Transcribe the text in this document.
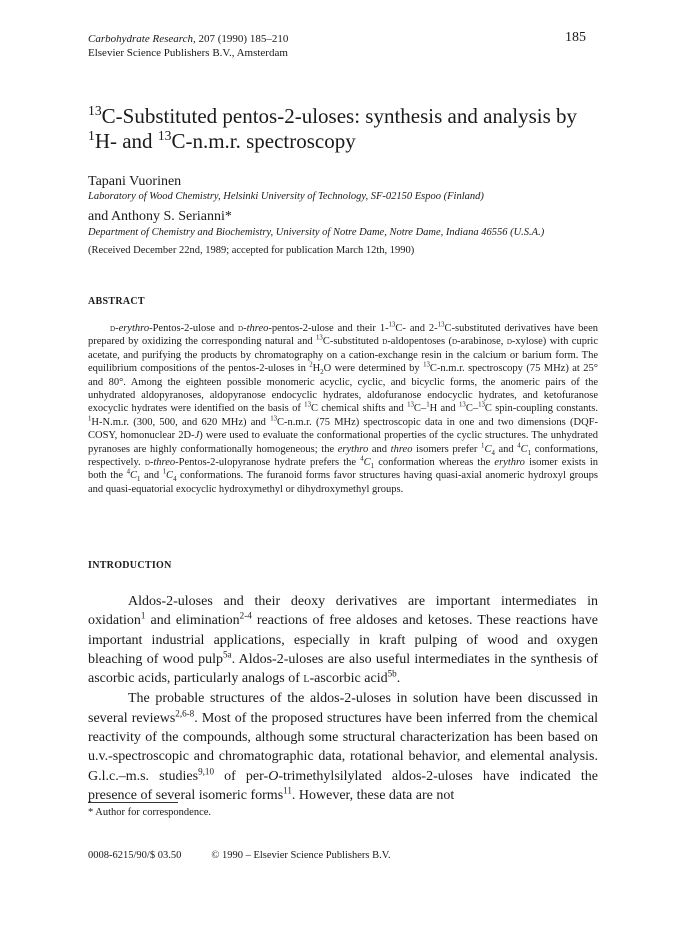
Carbohydrate Research, 207 (1990) 185–210
Elsevier Science Publishers B.V., Amsterdam
185
$^{13}$C-Substituted pentos-2-uloses: synthesis and analysis by
$^1$H- and $^{13}$C-n.m.r. spectroscopy
Tapani Vuorinen
Laboratory of Wood Chemistry, Helsinki University of Technology, SF-02150 Espoo (Finland)
and Anthony S. Serianni*
Department of Chemistry and Biochemistry, University of Notre Dame, Notre Dame, Indiana 46556 (U.S.A.)
(Received December 22nd, 1989; accepted for publication March 12th, 1990)
ABSTRACT
d-erythro-Pentos-2-ulose and d-threo-pentos-2-ulose and their 1-$^{13}$C- and 2-$^{13}$C-substituted derivatives have been prepared by oxidizing the corresponding natural and $^{13}$C-substituted d-aldopentoses (d-arabinose, d-xylose) with cupric acetate, and purifying the products by chromatography on a cation-exchange resin in the calcium or barium form. The equilibrium compositions of the pentos-2-uloses in $^2H_2O$ were determined by $^{13}$C-n.m.r. spectroscopy (75 MHz) at 25° and 80°. Among the eighteen possible monomeric acyclic, cyclic, and bicyclic forms, the anomeric pairs of the unhydrated aldopyranoses, aldopyranose endocyclic hydrates, aldofuranose endocyclic hydrates, and ketofuranose exocyclic hydrates were identified on the basis of $^{13}$C chemical shifts and $^{13}$C–$^1$H and $^{13}$C–$^{13}$C spin-coupling constants. $^1$H-N.m.r. (300, 500, and 620 MHz) and $^{13}$C-n.m.r. (75 MHz) spectroscopic data in one and two dimensions (DQF-COSY, homonuclear 2D-J) were used to evaluate the conformational properties of the cyclic structures. The unhydrated pyranoses are highly conformationally homogeneous; the erythro and threo isomers prefer $^1C_4$ and $^4C_1$ conformations, respectively. d-threo-Pentos-2-ulopyranose hydrate prefers the $^4C_1$ conformation whereas the erythro isomer exists in both the $^4C_1$ and $^1C_4$ conformations. The furanoid forms favor structures having quasi-axial anomeric hydroxyl groups and quasi-equatorial exocyclic hydroxymethyl or dihydroxymethyl groups.
INTRODUCTION

Aldos-2-uloses and their deoxy derivatives are important intermediates in oxidation$^1$ and elimination$^{2-4}$ reactions of free aldoses and ketoses. These reactions have important industrial applications, especially in kraft pulping of wood and oxygen bleaching of wood pulp$^{5a}$. Aldos-2-uloses are also useful intermediates in the synthesis of ascorbic acids, particularly analogs of l-ascorbic acid$^{5b}$.

The probable structures of the aldos-2-uloses in solution have been discussed in several reviews$^{2,6-8}$. Most of the proposed structures have been inferred from the chemical reactivity of the compounds, although some structural characterization has been based on u.v.-spectroscopic and chromatographic data, rotational behavior, and elemental analysis. G.l.c.–m.s. studies$^{9,10}$ of per-O-trimethylsilylated aldos-2-uloses have indicated the presence of several isomeric forms$^{11}$. However, these data are not

* Author for correspondence.
0008-6215/90/$ 03.50	© 1990 – Elsevier Science Publishers B.V.
